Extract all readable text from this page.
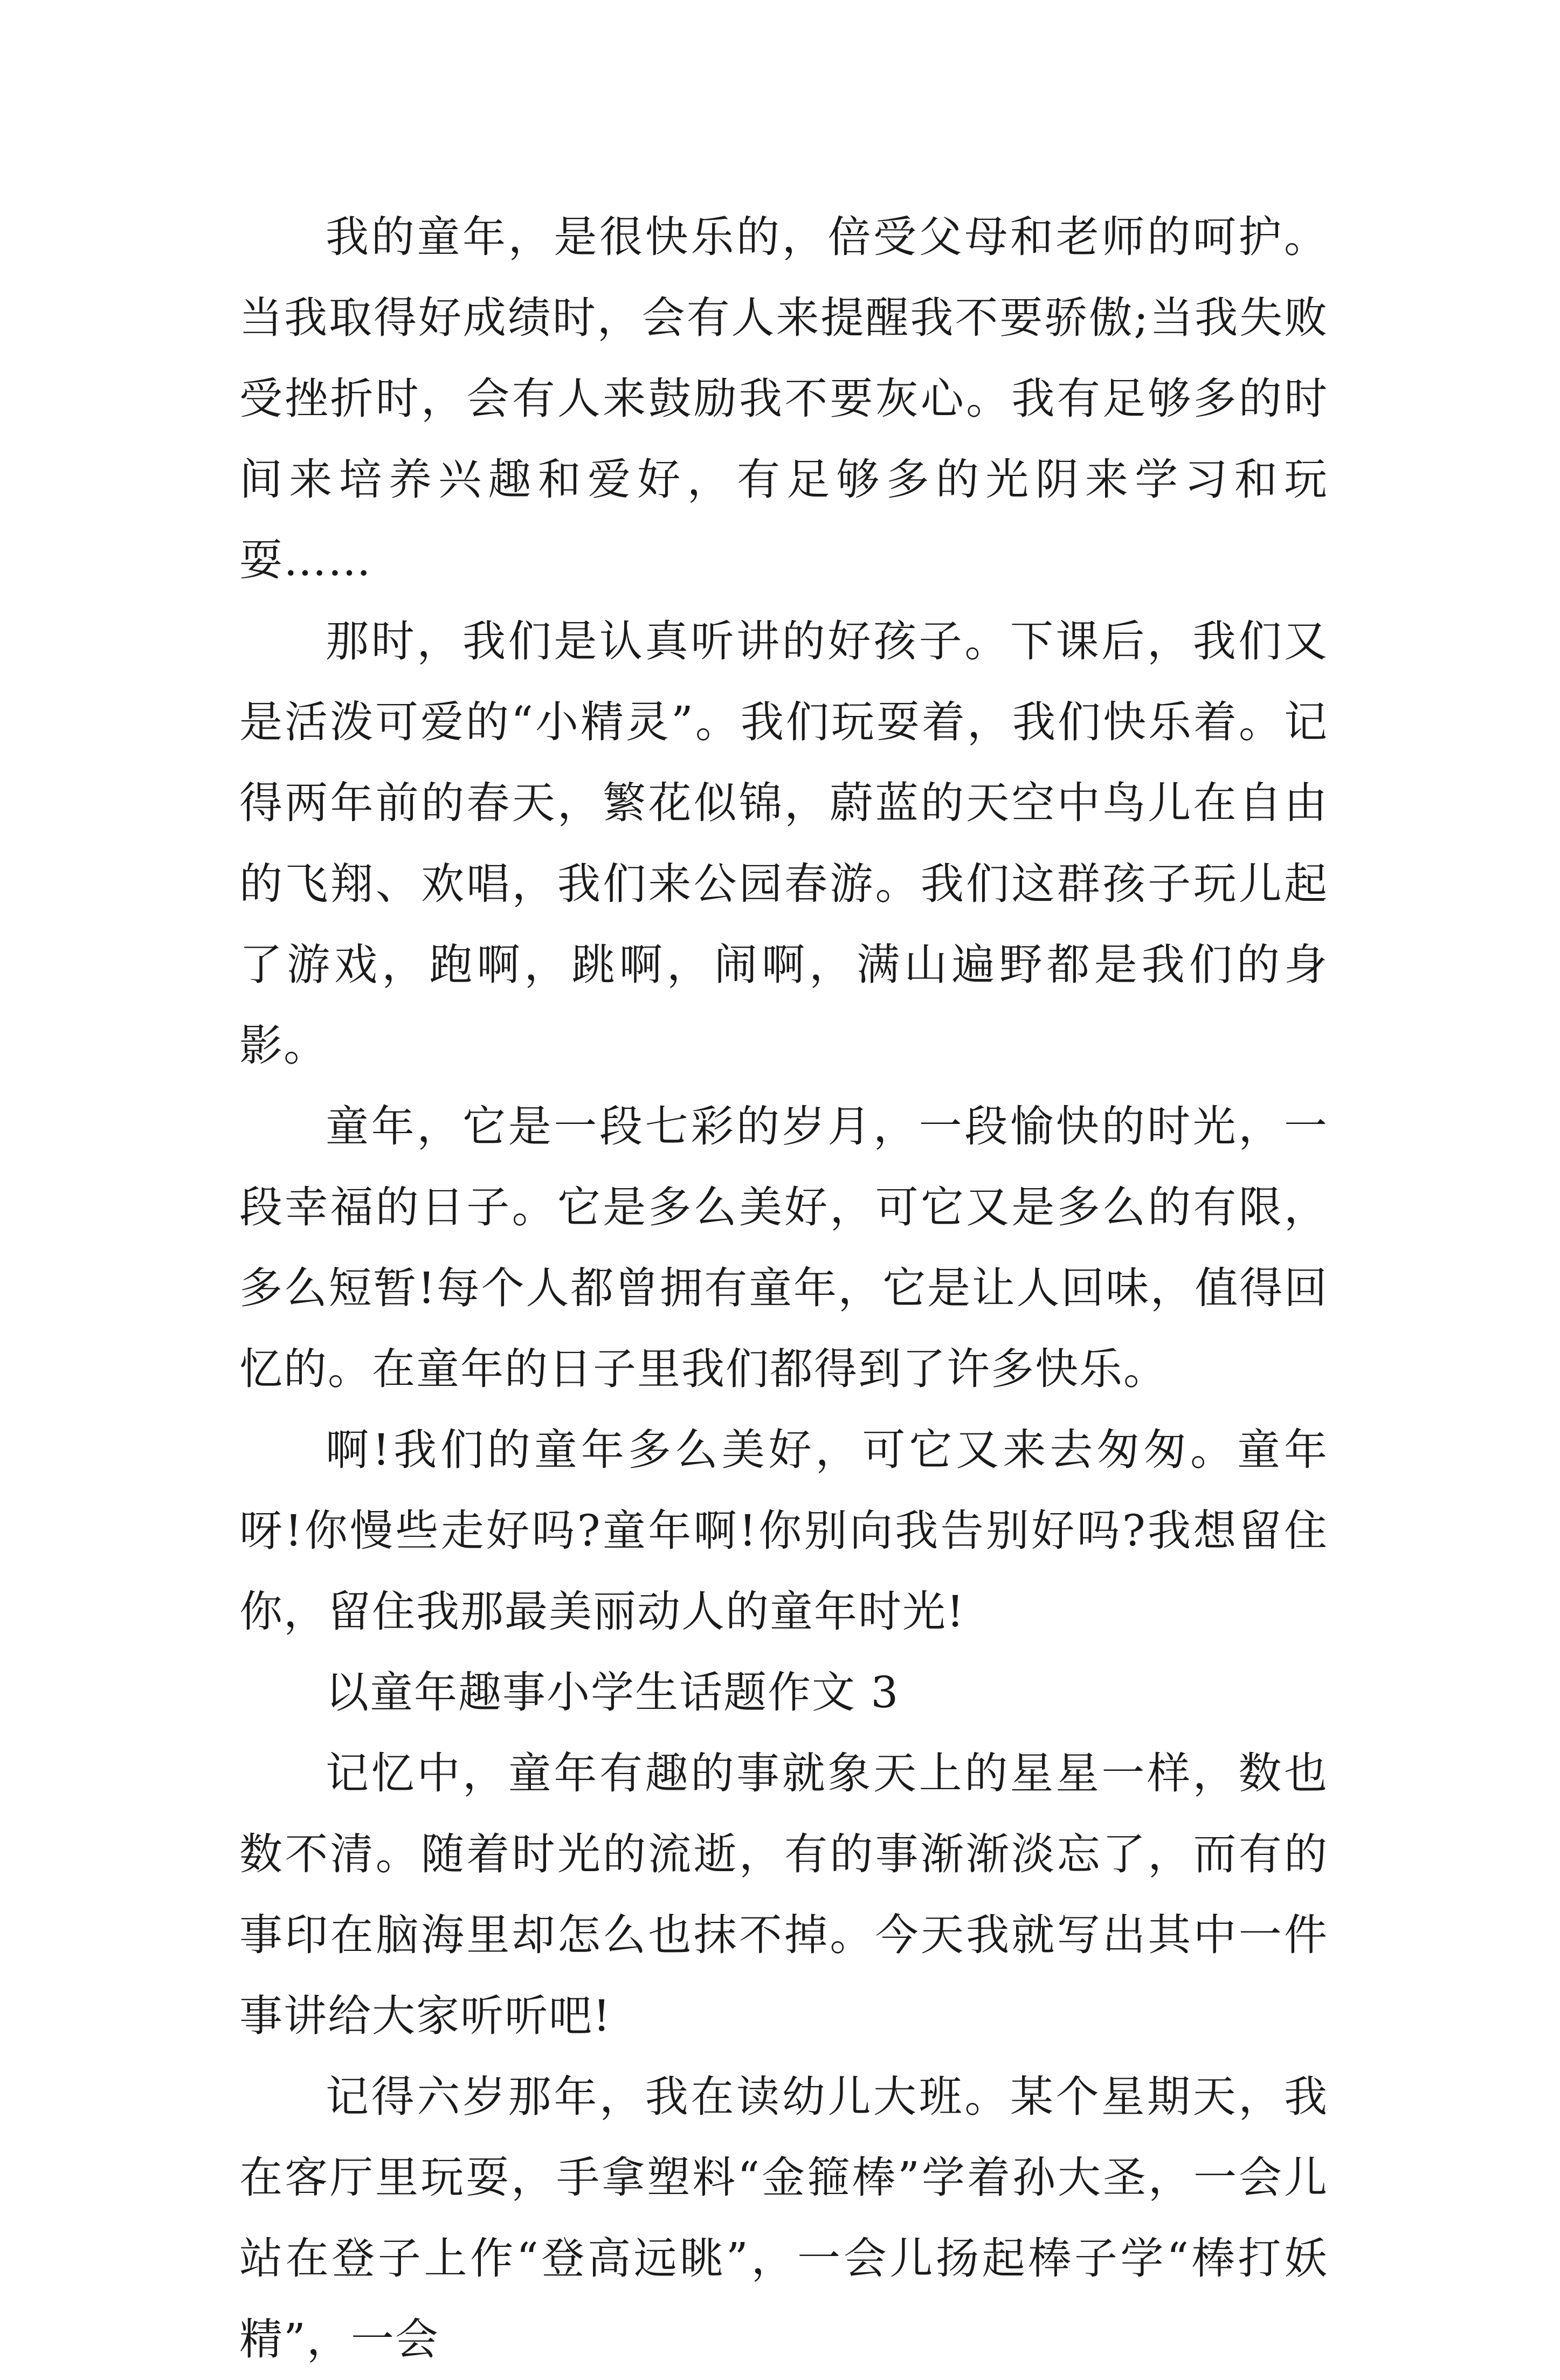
我的童年，是很快乐的，倍受父母和老师的呵护。当我取得好成绩时，会有人来提醒我不要骄傲;当我失败受挫折时，会有人来鼓励我不要灰心。我有足够多的时间来培养兴趣和爱好，有足够多的光阴来学习和玩耍……

那时，我们是认真听讲的好孩子。下课后，我们又是活泼可爱的“小精灵”。我们玩耍着，我们快乐着。记得两年前的春天，繁花似锦，蔚蓝的天空中鸟儿在自由的飞翔、欢唱，我们来公园春游。我们这群孩子玩儿起了游戏，跑啊，跳啊，闹啊，满山遍野都是我们的身影。

童年，它是一段七彩的岁月，一段愉快的时光，一段幸福的日子。它是多么美好，可它又是多么的有限，多么短暂!每个人都曾拥有童年，它是让人回味，值得回忆的。在童年的日子里我们都得到了许多快乐。

啊!我们的童年多么美好，可它又来去匆匆。童年呀!你慢些走好吗?童年啊!你别向我告别好吗?我想留住你，留住我那最美丽动人的童年时光!

以童年趣事小学生话题作文 3

记忆中，童年有趣的事就象天上的星星一样，数也数不清。随着时光的流逝，有的事渐渐淡忘了，而有的事印在脑海里却怎么也抹不掉。今天我就写出其中一件事讲给大家听听吧!

记得六岁那年，我在读幼儿大班。某个星期天，我在客厅里玩耍，手拿塑料“金箍棒”学着孙大圣，一会儿站在登子上作“登高远眺”，一会儿扬起棒子学“棒打妖精”，一会
